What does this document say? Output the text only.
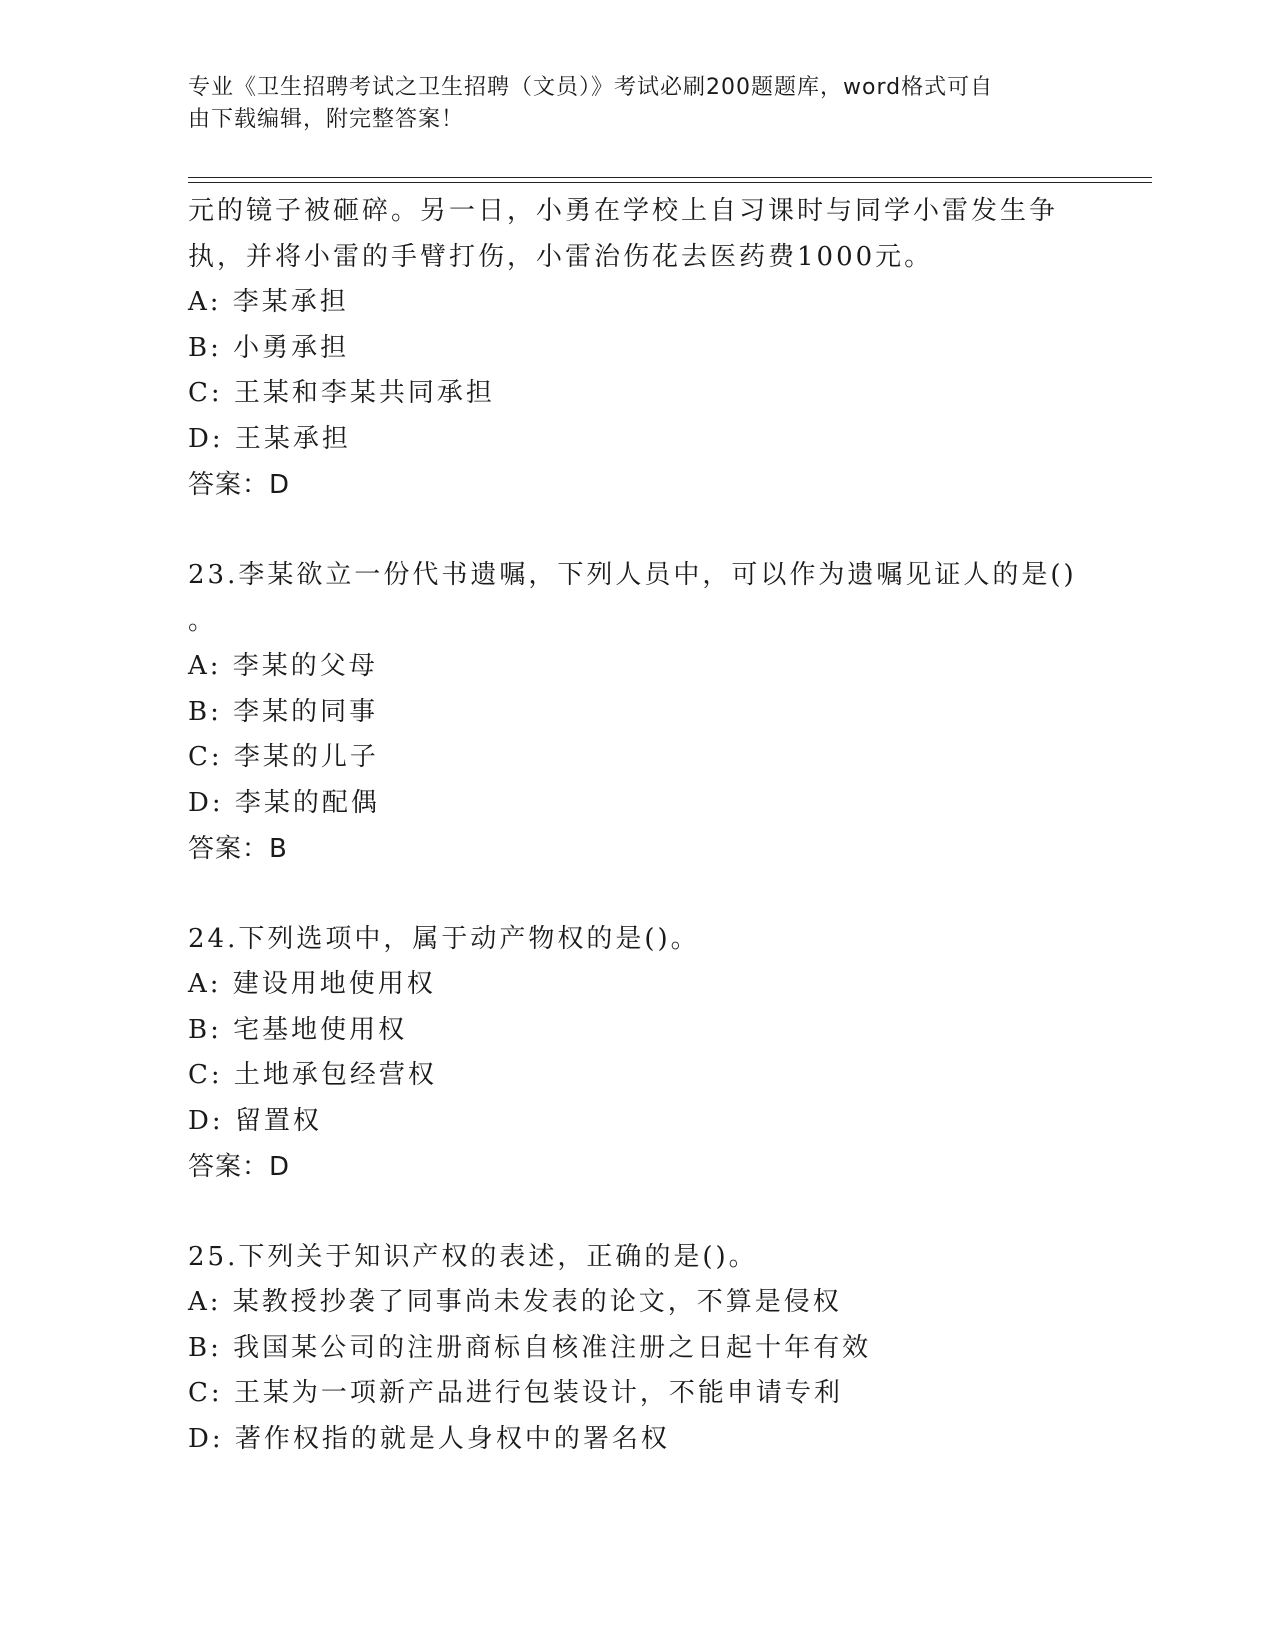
专业《卫生招聘考试之卫生招聘（文员）》考试必刷200题题库，word格式可自
由下载编辑，附完整答案！
元的镜子被砸碎。另一日，小勇在学校上自习课时与同学小雷发生争
执，并将小雷的手臂打伤，小雷治伤花去医药费1000元。
A: 李某承担
B: 小勇承担
C: 王某和李某共同承担
D: 王某承担
答案：D
23.李某欲立一份代书遗嘱，下列人员中，可以作为遗嘱见证人的是()
。
A: 李某的父母
B: 李某的同事
C: 李某的儿子
D: 李某的配偶
答案：B
24.下列选项中，属于动产物权的是()。
A: 建设用地使用权
B: 宅基地使用权
C: 土地承包经营权
D: 留置权
答案：D
25.下列关于知识产权的表述，正确的是()。
A: 某教授抄袭了同事尚未发表的论文，不算是侵权
B: 我国某公司的注册商标自核准注册之日起十年有效
C: 王某为一项新产品进行包装设计，不能申请专利
D: 著作权指的就是人身权中的署名权
